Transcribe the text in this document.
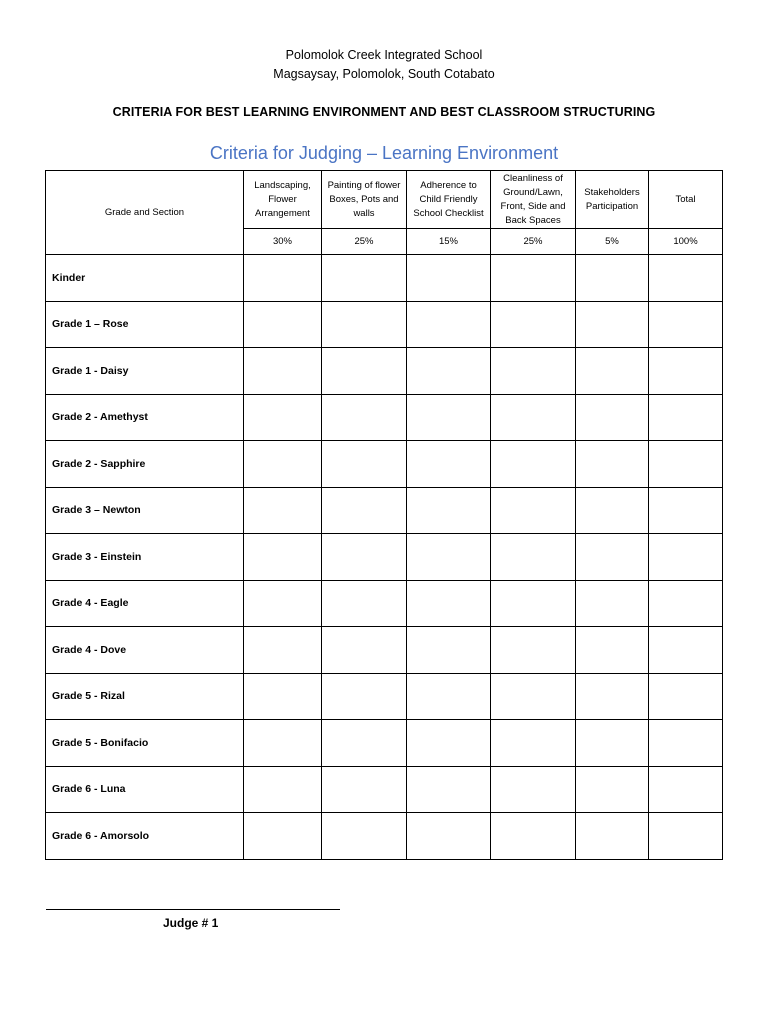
Polomolok Creek Integrated School
Magsaysay, Polomolok, South Cotabato
CRITERIA FOR BEST LEARNING ENVIRONMENT AND BEST CLASSROOM STRUCTURING
Criteria for Judging – Learning Environment
Grade and Section	Landscaping, Flower Arrangement	Painting of flower Boxes, Pots and walls	Adherence to Child Friendly School Checklist	Cleanliness of Ground/Lawn, Front, Side and Back Spaces	Stakeholders Participation	Total
	30%	25%	15%	25%	5%	100%
Kinder						
Grade 1 – Rose						
Grade 1 - Daisy						
Grade 2 - Amethyst						
Grade 2 - Sapphire						
Grade 3 – Newton						
Grade 3 - Einstein						
Grade 4 - Eagle						
Grade 4 - Dove						
Grade 5 - Rizal						
Grade 5 - Bonifacio						
Grade 6 - Luna						
Grade 6 - Amorsolo						
Judge # 1
